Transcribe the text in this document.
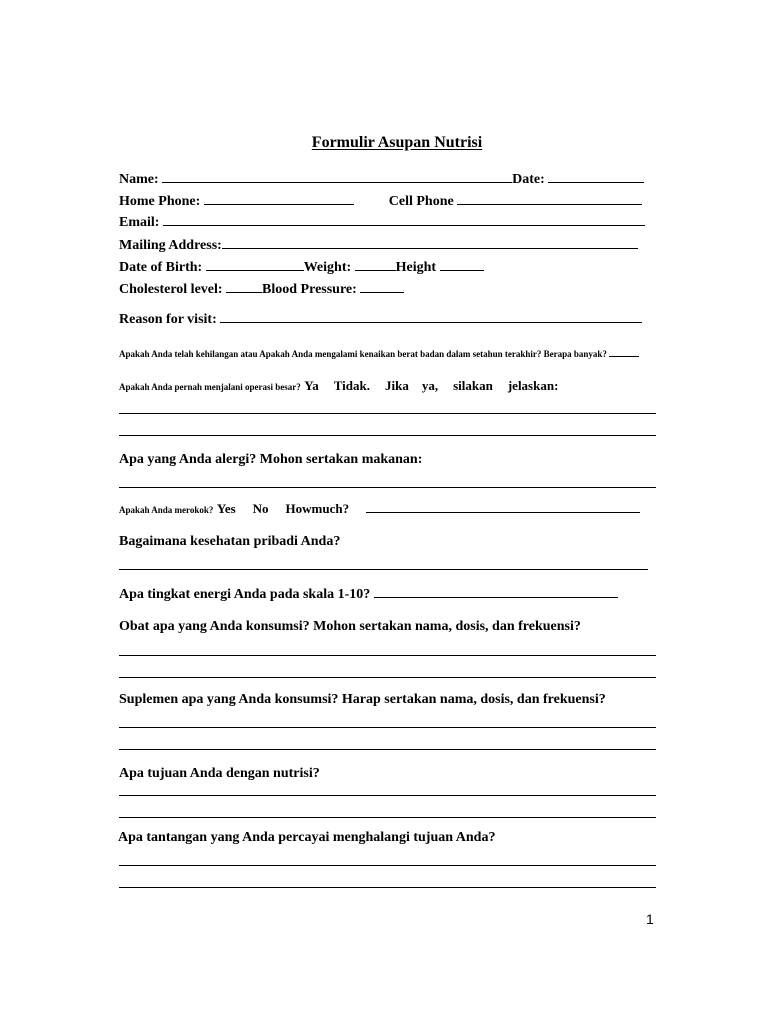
Formulir Asupan Nutrisi
Name:	Date:
Home Phone:	Cell Phone
Email:
Mailing Address:
Date of Birth:	Weight:	Height
Cholesterol level:	Blood Pressure:
Reason for visit:
Apakah Anda telah kehilangan atau Apakah Anda mengalami kenaikan berat badan dalam setahun terakhir? Berapa banyak?
Apakah Anda pernah menjalani operasi besar? Ya Tidak. Jika ya, silakan jelaskan:
Apa yang Anda alergi? Mohon sertakan makanan:
Apakah Anda merokok? Yes No Howmuch?
Bagaimana kesehatan pribadi Anda?
Apa tingkat energi Anda pada skala 1-10?
Obat apa yang Anda konsumsi? Mohon sertakan nama, dosis, dan frekuensi?
Suplemen apa yang Anda konsumsi? Harap sertakan nama, dosis, dan frekuensi?
Apa tujuan Anda dengan nutrisi?
Apa tantangan yang Anda percayai menghalangi tujuan Anda?
1
